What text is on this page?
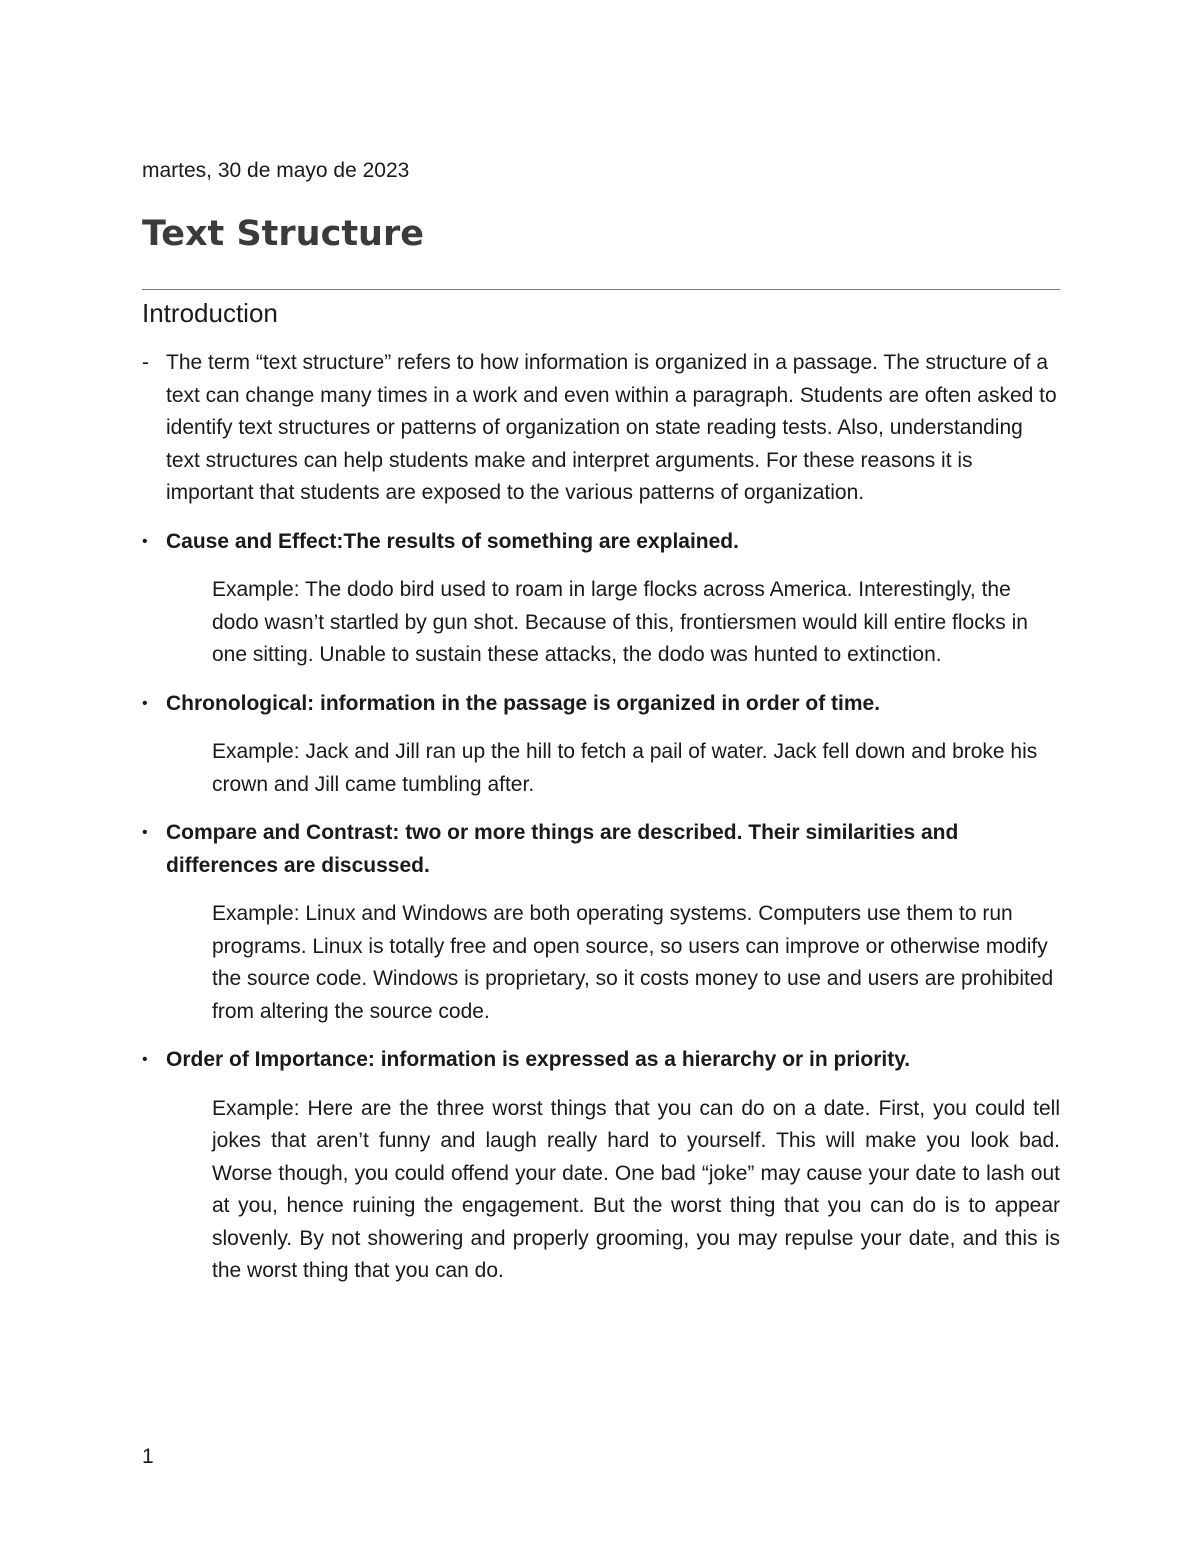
martes, 30 de mayo de 2023
Text Structure
Introduction
- The term “text structure” refers to how information is organized in a passage. The structure of a text can change many times in a work and even within a paragraph. Students are often asked to identify text structures or patterns of organization on state reading tests. Also, understanding text structures can help students make and interpret arguments. For these reasons it is important that students are exposed to the various patterns of organization.
• Cause and Effect:The results of something are explained.

Example: The dodo bird used to roam in large flocks across America. Interestingly, the dodo wasn’t startled by gun shot. Because of this, frontiersmen would kill entire flocks in one sitting. Unable to sustain these attacks, the dodo was hunted to extinction.

• Chronological: information in the passage is organized in order of time.

Example: Jack and Jill ran up the hill to fetch a pail of water. Jack fell down and broke his crown and Jill came tumbling after.

• Compare and Contrast: two or more things are described. Their similarities and differences are discussed.

Example: Linux and Windows are both operating systems. Computers use them to run programs. Linux is totally free and open source, so users can improve or otherwise modify the source code. Windows is proprietary, so it costs money to use and users are prohibited from altering the source code.

• Order of Importance: information is expressed as a hierarchy or in priority.

Example: Here are the three worst things that you can do on a date. First, you could tell jokes that aren’t funny and laugh really hard to yourself. This will make you look bad. Worse though, you could offend your date. One bad “joke” may cause your date to lash out at you, hence ruining the engagement. But the worst thing that you can do is to appear slovenly. By not showering and properly grooming, you may repulse your date, and this is the worst thing that you can do.

1
